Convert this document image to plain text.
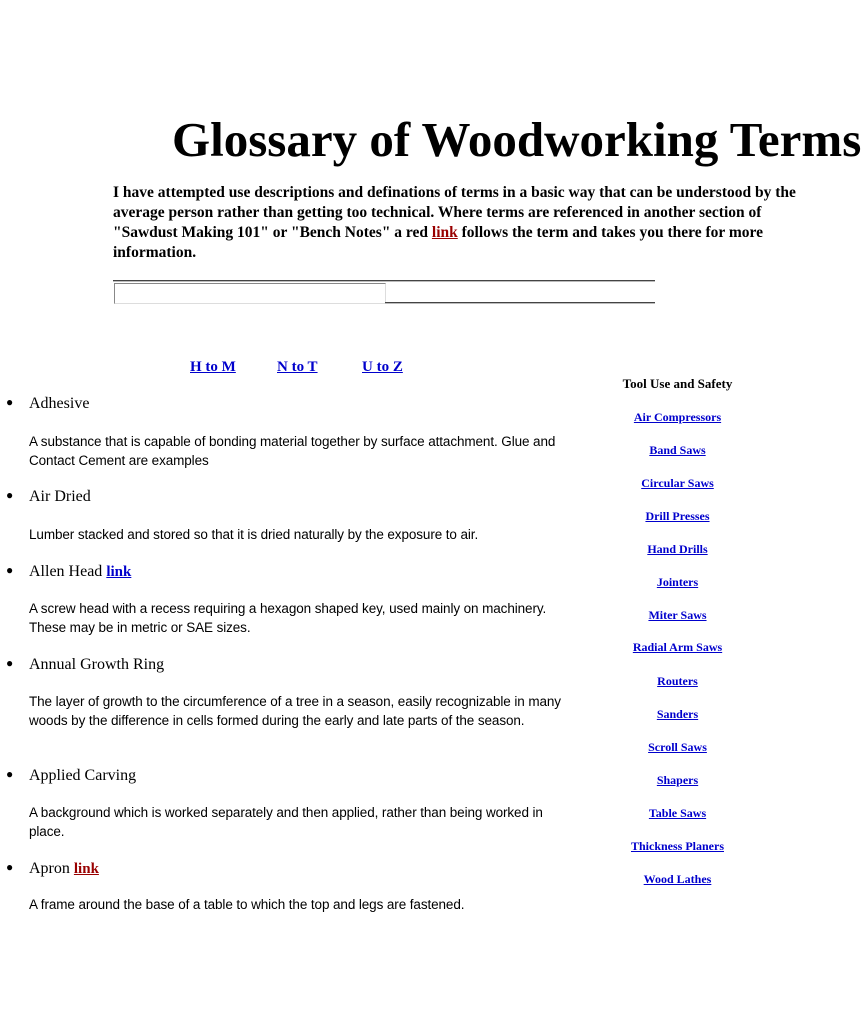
Glossary of Woodworking Terms
I have attempted use descriptions and definations of terms in a basic way that can be understood by the
average person rather than getting too technical. Where terms are referenced in another section of
"Sawdust Making 101" or "Bench Notes" a red link follows the term and takes you there for more
information.
H to M	N to T	U to Z
● Adhesive
A substance that is capable of bonding material together by surface attachment. Glue and Contact Cement are examples
● Air Dried
Lumber stacked and stored so that it is dried naturally by the exposure to air.
● Allen Head link
A screw head with a recess requiring a hexagon shaped key, used mainly on machinery. These may be in metric or SAE sizes.
● Annual Growth Ring
The layer of growth to the circumference of a tree in a season, easily recognizable in many woods by the difference in cells formed during the early and late parts of the season.
● Applied Carving
A background which is worked separately and then applied, rather than being worked in place.
● Apron link
A frame around the base of a table to which the top and legs are fastened.
Tool Use and Safety
Air Compressors
Band Saws
Circular Saws
Drill Presses
Hand Drills
Jointers
Miter Saws
Radial Arm Saws
Routers
Sanders
Scroll Saws
Shapers
Table Saws
Thickness Planers
Wood Lathes
